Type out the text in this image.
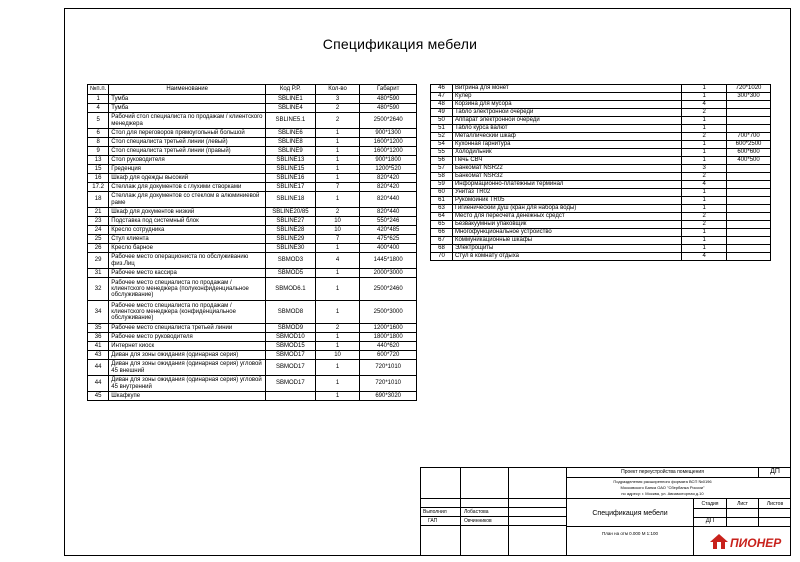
Спецификация мебели
№п.п.	Наименование	Код Р.Р.	Кол-во	Габарит
1	Тумба	SBLINE1	3	480*590
4	Тумба	SBLINE4	2	480*590
5	Рабочий стол специалиста по продажам / клиентского менеджера	SBLINE5.1	2	2500*2640
6	Стол для переговоров прямоугольный большой	SBLINE6	1	900*1300
8	Стол специалиста третьей линии (левый)	SBLINE8	1	1600*1200
9	Стол специалиста третьей линии (правый)	SBLINE9	1	1600*1200
13	Стол руководителя	SBLINE13	1	900*1800
15	Греденция	SBLINE15	1	1200*520
16	Шкаф для одежды высокий	SBLINE16	1	820*420
17.2	Стеллаж для документов с глухими створками	SBLINE17	7	820*420
18	Стеллаж для документов со стеклом в алюминиевой раме	SBLINE18	1	820*440
21	Шкаф для документов низкий	SBLINE20/85	2	820*440
23	Подставка под системный блок	SBLINE27	10	550*246
24	Кресло сотрудника	SBLINE28	10	420*485
25	Стул клиента	SBLINE29	7	475*625
26	Кресло барное	SBLINE30	1	400*400
29	Рабочее место операциониста по обслуживанию физ.Лиц	SBMOD3	4	1445*1800
31	Рабочее место кассира	SBMOD5	1	2000*3000
32	Рабочее место специалиста по продажам / клиентского менеджера (полуконфиденциальное обслуживание)	SBMOD6.1	1	2500*2460
34	Рабочее место специалиста по продажам / клиентского менеджера (конфиденциальное обслуживание)	SBMOD8	1	2500*3000
35	Рабочее место специалиста третьей линии	SBMOD9	2	1200*1600
36	Рабочее место руководителя	SBMOD10	1	1800*1800
41	Интернет киоск	SBMOD15	1	440*620
43	Диван для зоны ожидания (одинарная серия)	SBMOD17	10	600*720
44	Диван для зоны ожидания (одинарная серия) угловой 45 внешний	SBMOD17	1	720*1010
44	Диван для зоны ожидания (одинарная серия) угловой 45 внутренний	SBMOD17	1	720*1010
45	Шкафкупе		1	690*3020
46	Витрина для монет	1	720*1020
47	Кулер	1	300*300
48	Корзина для мусора	4	
49	Табло электронной очереди	2	
50	Аппарат электронной очереди	1	
51	Табло курса валют	1	
52	Металлический шкаф	2	700*700
54	Кухонная гарнитура	1	600*2500
55	Холодильник	1	600*600
56	Печь СВЧ	1	400*500
57	Банкомат NSR22	3	
58	Банкомат NSR32	2	
59	Информационно-платёжный терминал	4	
60	Унитаз TR02	1	
61	Рукомойник TR05	1	
63	Гигиенический душ (кран для набора воды)	1	
64	Место для пересчета денежных средст	2	
65	Безвакуумный упаковщик	2	
66	Многофункциональное устройство	1	
67	Коммуникационные шкафы	1	
68	Электрощиты	1	
70	Стул в комнату отдыха	4	
Проект переустройства помещения	ДП
Подразделения расширенного формата ВСП №0196
Московского Банка ОАО "Сбербанка России"
по адресу: г. Москва, ул. Авиамоторная д.10
Выполнил	Лобастова
ГАП	Овчинников
Спецификация мебели
Стадия	Лист	Листов
ДП
План на отм 0.000 М 1:100
ПИОНЕР
